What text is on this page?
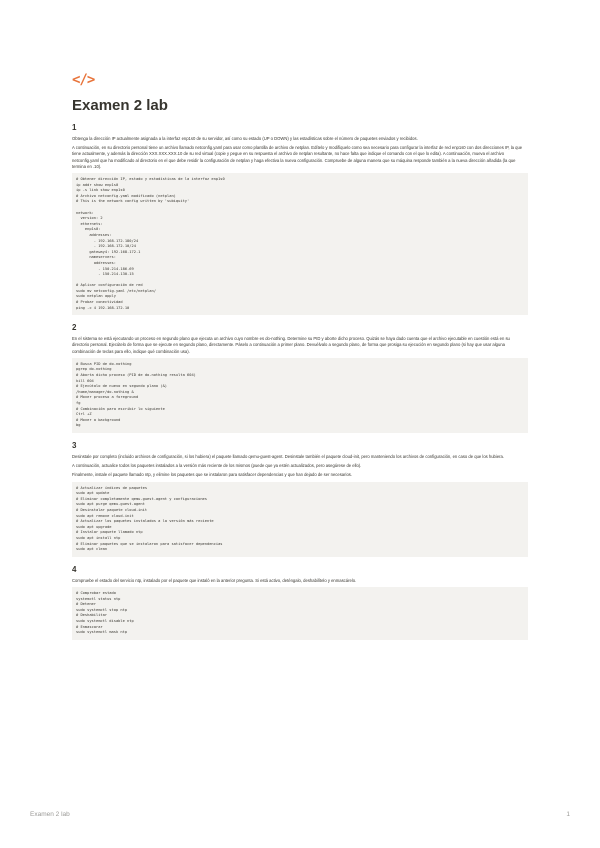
</>
Examen 2 lab
1

Obtenga la dirección IP actualmente asignada a la interfaz enp1s0 de su servidor, así como su estado (UP o DOWN) y las estadísticas sobre el número de paquetes enviados y recibidos.

A continuación, en su directorio personal tiene un archivo llamado netconfig.yaml para usar como plantilla de archivo de netplan. Edítelo y modifíquelo como sea necesario para configurar la interfaz de red enp1s0 con dos direcciones IP, la que tiene actualmente, y además la dirección XXX.XXX.XXX.10 de su red virtual (copie y pegue en su respuesta el archivo de netplan resultante, no hace falta que indique el comando con el que lo edita). A continuación, mueva el archivo netconfig.yaml que ha modificado al directorio en el que debe residir la configuración de netplan y haga efectiva la nueva configuración. Compruebe de alguna manera que su máquina responde también a la nueva dirección añadida (la que termina en .10).

# Obtener dirección IP, estado y estadísticas de la interfaz enp1s0
ip addr show enp1s0
ip -s link show enp1s0
# Archivo netconfig.yaml modificado (netplan)
# This is the network config written by 'subiquity'

network:
version: 2
ethernets:
enp1s0:
addresses:
- 192.168.172.180/24
- 192.168.172.10/24
gateway4: 192.168.172.1
nameservers:
addresses:
- 150.214.186.69
- 150.214.130.15

# Aplicar configuración de red
sudo mv netconfig.yaml /etc/netplan/
sudo netplan apply
# Probar conectividad
ping -c 4 192.168.172.10
2

En el sistema se está ejecutando un proceso en segundo plano que ejecuta un archivo cuyo nombre es do-nothing. Determine su PID y aborte dicho proceso. Quizás se haya dado cuenta que el archivo ejecutable en cuestión está en su directorio personal. Ejecútelo de forma que se ejecute en segundo plano, directamente. Páselo a continuación a primer plano. Devuélvalo a segundo plano, de forma que prosiga su ejecución en segundo plano (si hay que usar alguna combinación de teclas para ello, indique qué combinación usa).

# Busca PID de do-nothing
pgrep do-nothing
# Aborta dicho proceso (PID de do-nothing resulta 604)
kill 604
# Ejecútalo de nuevo en segundo plano (&)
/home/manager/do-nothing &
# Mover proceso a foreground
fg
# Combinación para escribir lo siguiente
Ctrl +Z
# Mover a background
bg
3

Desinstale por completo (incluido archivos de configuración, si los hubiera) el paquete llamado qemu-guest-agent. Desinstale también el paquete cloud-init, pero manteniendo los archivos de configuración, en caso de que los hubiera.

A continuación, actualice todos los paquetes instalados a la versión más reciente de los mismos (puede que ya estén actualizados, pero asegúrese de ello).

Finalmente, instale el paquete llamado ntp, y elimine los paquetes que se instalaron para satisfacer dependencias y que han dejado de ser necesarios.

# Actualizar índices de paquetes
sudo apt update
# Eliminar completamente qemu-guest-agent y configuraciones
sudo apt purge qemu-guest-agent
# Desinstalar paquete cloud-init
sudo apt remove cloud-init
# Actualizar los paquetes instalados a la versión más reciente
sudo apt upgrade
# Instalar paquete llamado ntp
sudo apt install ntp
# Eliminar paquetes que se instalaron para satisfacer dependencias
sudo apt clean
4

Compruebe el estado del servicio ntp, instalado por el paquete que instaló en la anterior pregunta. Si está activo, deténgalo, deshabilítelo y enmascárelo.

# Comprobar estado
systemctl status ntp
# Detener
sudo systemctl stop ntp
# Deshabilitar
sudo systemctl disable ntp
# Enmascarar
sudo systemctl mask ntp
Examen 2 lab	1
